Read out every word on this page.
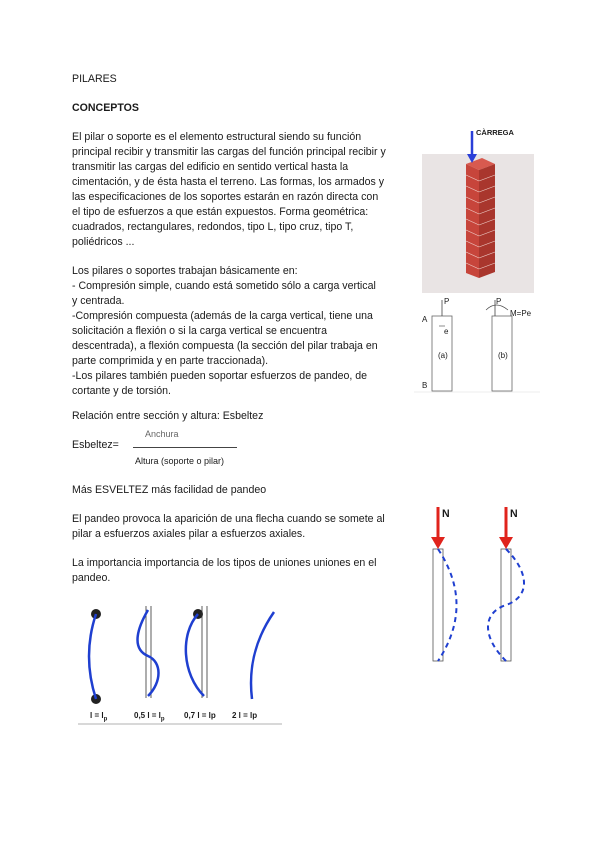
PILARES
CONCEPTOS
El pilar o soporte es el elemento estructural siendo su función
principal recibir y transmitir las cargas del función principal recibir y
transmitir las cargas del edificio en sentido vertical hasta la
cimentación, y de ésta hasta el terreno. Las formas, los armados y
las especificaciones de los soportes estarán en razón directa con
el tipo de esfuerzos a que están expuestos. Forma geométrica:
cuadrados, rectangulares, redondos, tipo L, tipo cruz, tipo T,
poliédricos ...
Los pilares o soportes trabajan básicamente en:
- Compresión simple, cuando está sometido sólo a carga vertical
y centrada.
-Compresión compuesta (además de la carga vertical, tiene una
solicitación a flexión o si la carga vertical se encuentra
descentrada), a flexión compuesta (la sección del pilar trabaja en
parte comprimida y en parte traccionada).
-Los pilares también pueden soportar esfuerzos de pandeo, de
cortante y de torsión.
Relación entre sección y altura: Esbeltez
Esbeltez=
Anchura
Altura (soporte o pilar)
Más ESVELTEZ más facilidad de pandeo
El pandeo provoca la aparición de una flecha cuando se somete al
pilar a esfuerzos axiales pilar a esfuerzos axiales.
La importancia importancia de los tipos de uniones uniones en el
pandeo.
CÀRREGA
P	P
M=Pe
(a)	(b)
A
B
e
N	N
$l = l_p$	0,5 $l = l_p$ 0,7 l = lp 2 l = lp
